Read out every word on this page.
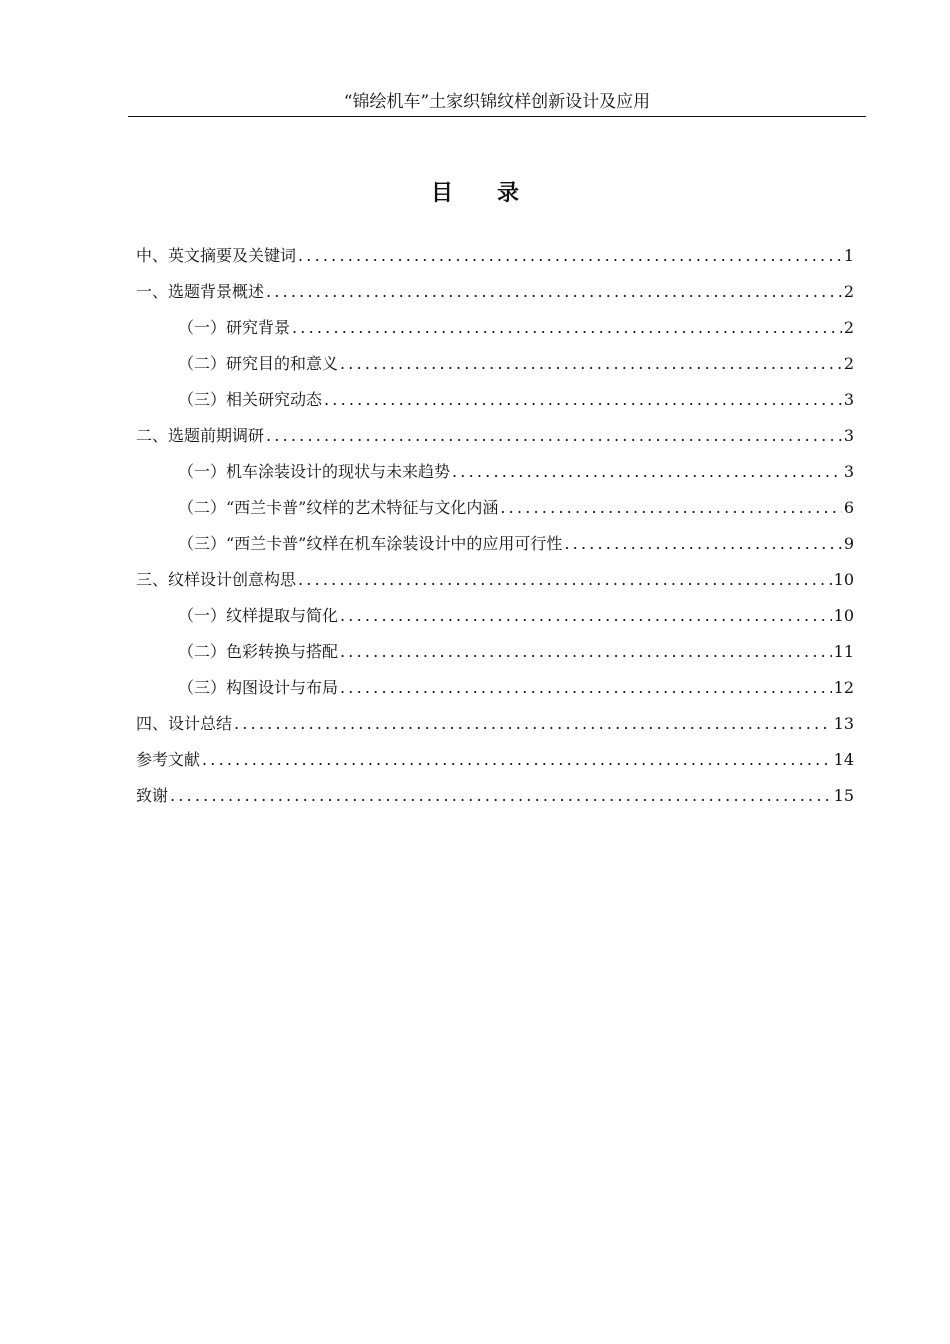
“锦绘机车”土家织锦纹样创新设计及应用
目录
中、英文摘要及关键词 .....	1
一、选题背景概述 .....	2
（一）研究背景 .....	2
（二）研究目的和意义 .....	2
（三）相关研究动态 .....	3
二、选题前期调研 .....	3
（一）机车涂装设计的现状与未来趋势 .....	3
（二）“西兰卡普”纹样的艺术特征与文化内涵 .....	6
（三）“西兰卡普”纹样在机车涂装设计中的应用可行性 .....	9
三、纹样设计创意构思 .....	10
（一）纹样提取与简化 .....	10
（二）色彩转换与搭配 .....	11
（三）构图设计与布局 .....	12
四、设计总结 .....	13
参考文献 .....	14
致谢 .....	15
